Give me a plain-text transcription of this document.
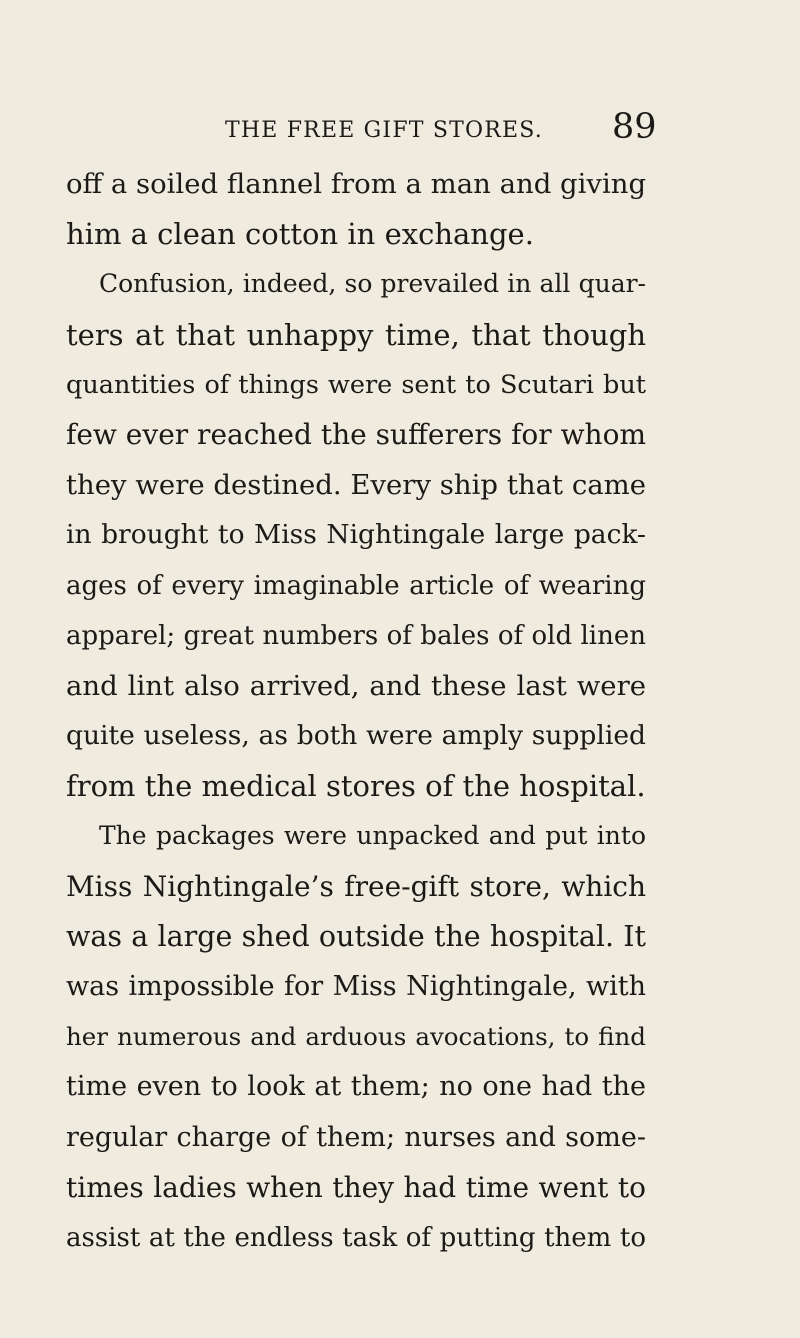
THE FREE GIFT STORES. 89
off a soiled flannel from a man and giving
him a clean cotton in exchange.
Confusion, indeed, so prevailed in all quar-
ters at that unhappy time, that though
quantities of things were sent to Scutari but
few ever reached the sufferers for whom
they were destined. Every ship that came
in brought to Miss Nightingale large pack-
ages of every imaginable article of wearing
apparel; great numbers of bales of old linen
and lint also arrived, and these last were
quite useless, as both were amply supplied
from the medical stores of the hospital.
The packages were unpacked and put into
Miss Nightingale’s free-gift store, which
was a large shed outside the hospital. It
was impossible for Miss Nightingale, with
her numerous and arduous avocations, to find
time even to look at them; no one had the
regular charge of them; nurses and some-
times ladies when they had time went to
assist at the endless task of putting them to
